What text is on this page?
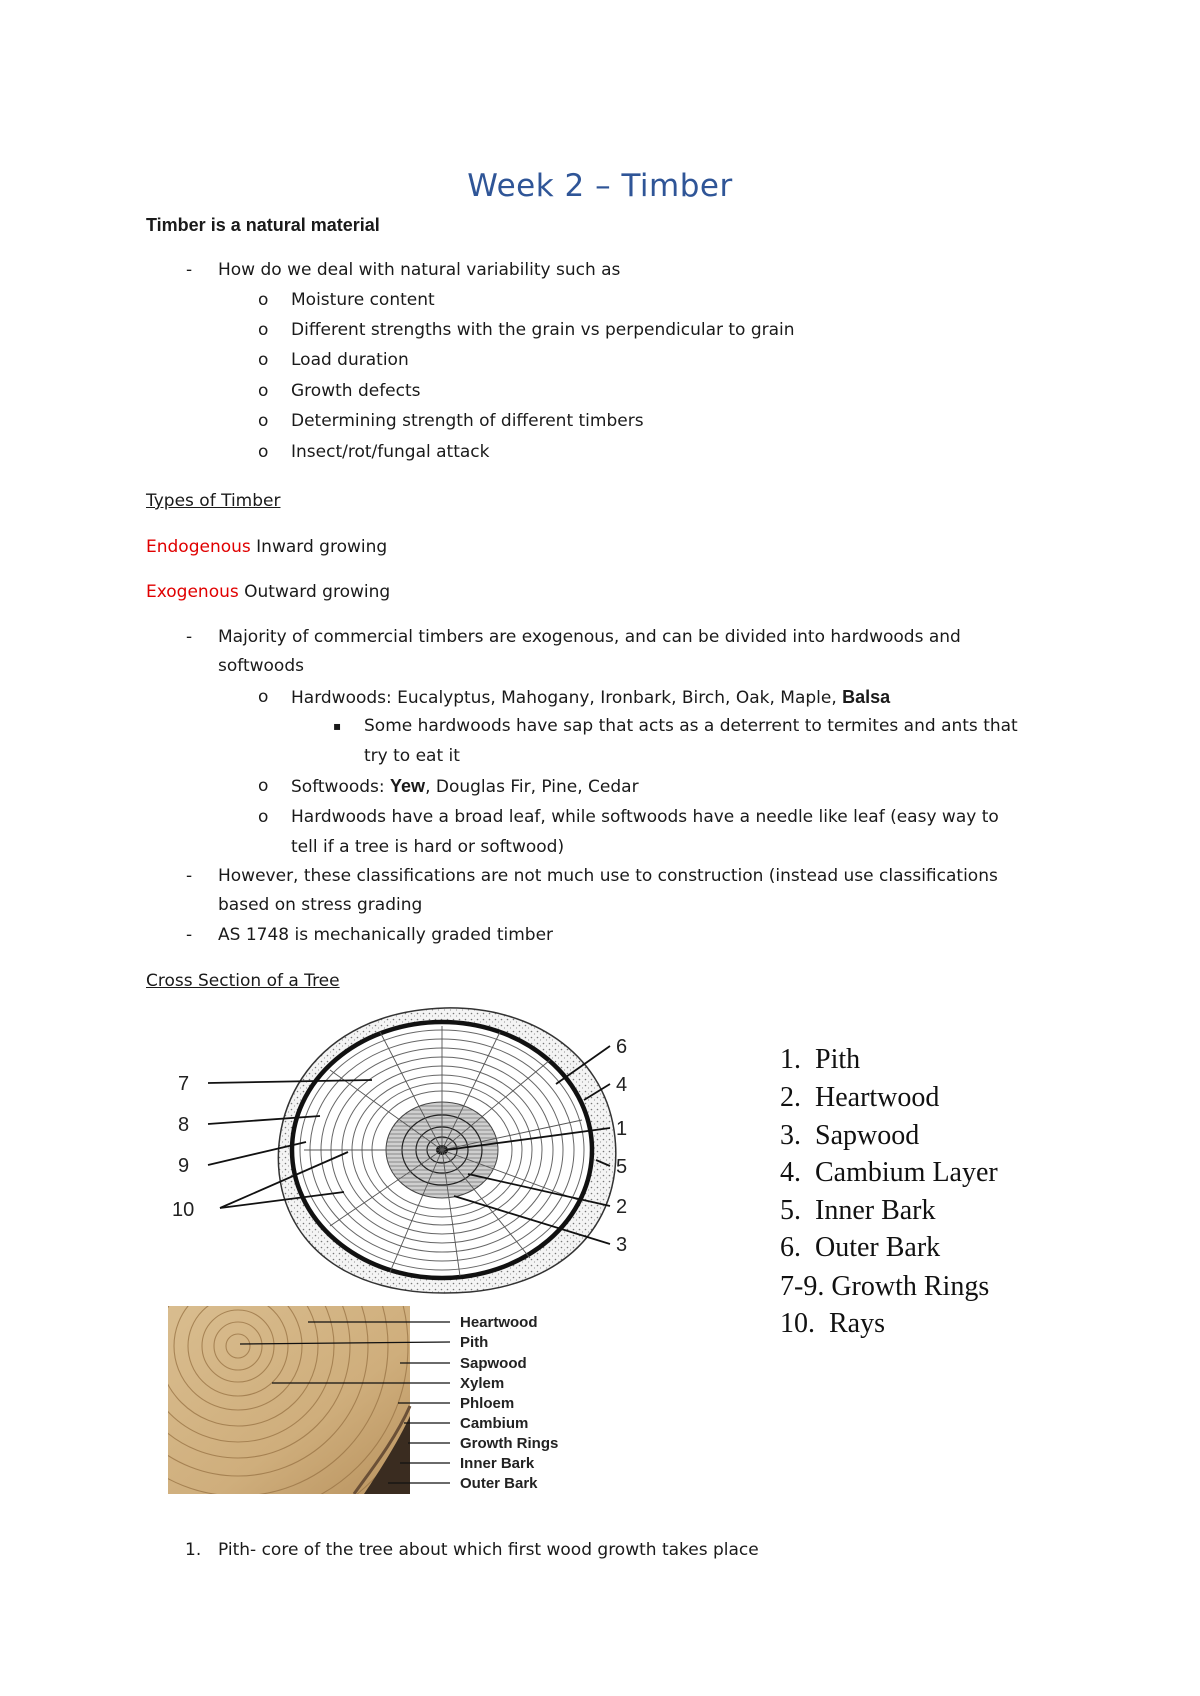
Week 2 – Timber
Timber is a natural material
- How do we deal with natural variability such as
o Moisture content
o Different strengths with the grain vs perpendicular to grain
o Load duration
o Growth defects
o Determining strength of different timbers
o Insect/rot/fungal attack
Types of Timber
Endogenous Inward growing
Exogenous Outward growing
- Majority of commercial timbers are exogenous, and can be divided into hardwoods and
softwoods
o Hardwoods: Eucalyptus, Mahogany, Ironbark, Birch, Oak, Maple, Balsa
▪ Some hardwoods have sap that acts as a deterrent to termites and ants that
try to eat it
o Softwoods: Yew, Douglas Fir, Pine, Cedar
o Hardwoods have a broad leaf, while softwoods have a needle like leaf (easy way to
tell if a tree is hard or softwood)
- However, these classifications are not much use to construction (instead use classifications
based on stress grading
- AS 1748 is mechanically graded timber
Cross Section of a Tree
7
8
9
10
6
4
1
5
2
3
1.  Pith
2.  Heartwood
3.  Sapwood
4.  Cambium Layer
5.  Inner Bark
6.  Outer Bark
7-9. Growth Rings
10.  Rays
Heartwood
Pith
Sapwood
Xylem
Phloem
Cambium
Growth Rings
Inner Bark
Outer Bark
1. Pith- core of the tree about which first wood growth takes place
